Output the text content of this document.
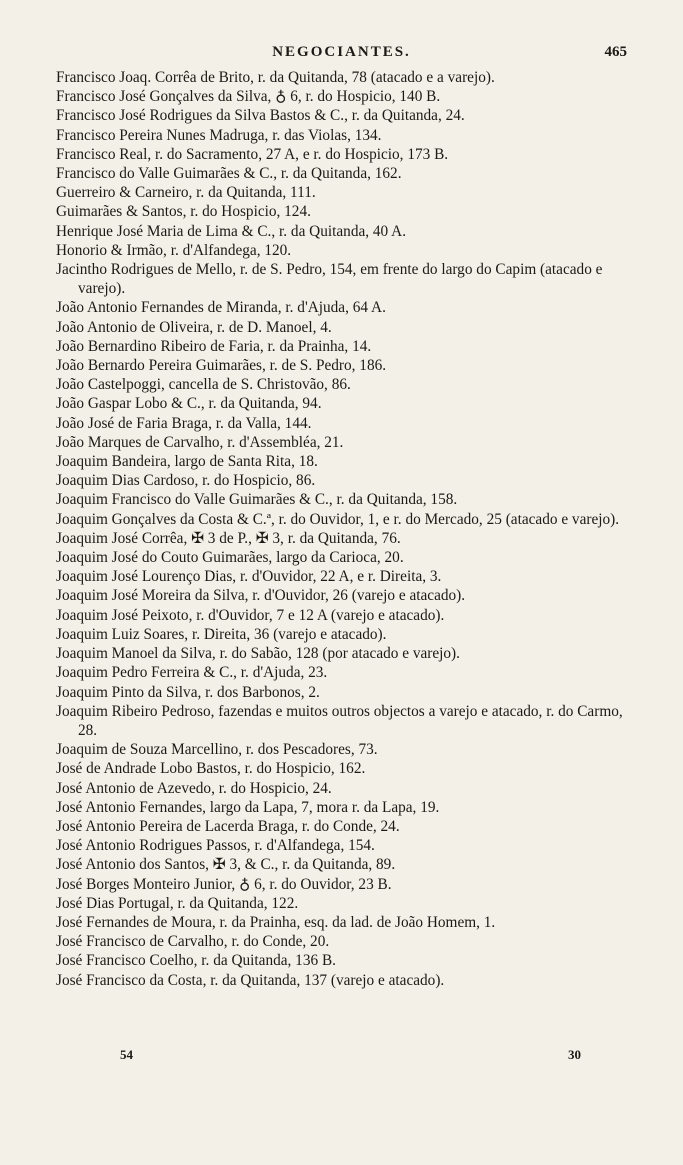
NEGOCIANTES.	465
Francisco Joaq. Corrêa de Brito, r. da Quitanda, 78 (atacado e a varejo).
Francisco José Gonçalves da Silva, ♁ 6, r. do Hospicio, 140 B.
Francisco José Rodrigues da Silva Bastos & C., r. da Quitanda, 24.
Francisco Pereira Nunes Madruga, r. das Violas, 134.
Francisco Real, r. do Sacramento, 27 A, e r. do Hospicio, 173 B.
Francisco do Valle Guimarães & C., r. da Quitanda, 162.
Guerreiro & Carneiro, r. da Quitanda, 111.
Guimarães & Santos, r. do Hospicio, 124.
Henrique José Maria de Lima & C., r. da Quitanda, 40 A.
Honorio & Irmão, r. d'Alfandega, 120.
Jacintho Rodrigues de Mello, r. de S. Pedro, 154, em frente do largo do Capim (atacado e varejo).
João Antonio Fernandes de Miranda, r. d'Ajuda, 64 A.
João Antonio de Oliveira, r. de D. Manoel, 4.
João Bernardino Ribeiro de Faria, r. da Prainha, 14.
João Bernardo Pereira Guimarães, r. de S. Pedro, 186.
João Castelpoggi, cancella de S. Christovão, 86.
João Gaspar Lobo & C., r. da Quitanda, 94.
João José de Faria Braga, r. da Valla, 144.
João Marques de Carvalho, r. d'Assembléa, 21.
Joaquim Bandeira, largo de Santa Rita, 18.
Joaquim Dias Cardoso, r. do Hospicio, 86.
Joaquim Francisco do Valle Guimarães & C., r. da Quitanda, 158.
Joaquim Gonçalves da Costa & C.ª, r. do Ouvidor, 1, e r. do Mercado, 25 (atacado e varejo).
Joaquim José Corrêa, ✠ 3 de P., ✠ 3, r. da Quitanda, 76.
Joaquim José do Couto Guimarães, largo da Carioca, 20.
Joaquim José Lourenço Dias, r. d'Ouvidor, 22 A, e r. Direita, 3.
Joaquim José Moreira da Silva, r. d'Ouvidor, 26 (varejo e atacado).
Joaquim José Peixoto, r. d'Ouvidor, 7 e 12 A (varejo e atacado).
Joaquim Luiz Soares, r. Direita, 36 (varejo e atacado).
Joaquim Manoel da Silva, r. do Sabão, 128 (por atacado e varejo).
Joaquim Pedro Ferreira & C., r. d'Ajuda, 23.
Joaquim Pinto da Silva, r. dos Barbonos, 2.
Joaquim Ribeiro Pedroso, fazendas e muitos outros objectos a varejo e atacado, r. do Carmo, 28.
Joaquim de Souza Marcellino, r. dos Pescadores, 73.
José de Andrade Lobo Bastos, r. do Hospicio, 162.
José Antonio de Azevedo, r. do Hospicio, 24.
José Antonio Fernandes, largo da Lapa, 7, mora r. da Lapa, 19.
José Antonio Pereira de Lacerda Braga, r. do Conde, 24.
José Antonio Rodrigues Passos, r. d'Alfandega, 154.
José Antonio dos Santos, ✠ 3, & C., r. da Quitanda, 89.
José Borges Monteiro Junior, ♁ 6, r. do Ouvidor, 23 B.
José Dias Portugal, r. da Quitanda, 122.
José Fernandes de Moura, r. da Prainha, esq. da lad. de João Homem, 1.
José Francisco de Carvalho, r. do Conde, 20.
José Francisco Coelho, r. da Quitanda, 136 B.
José Francisco da Costa, r. da Quitanda, 137 (varejo e atacado).
54	30
